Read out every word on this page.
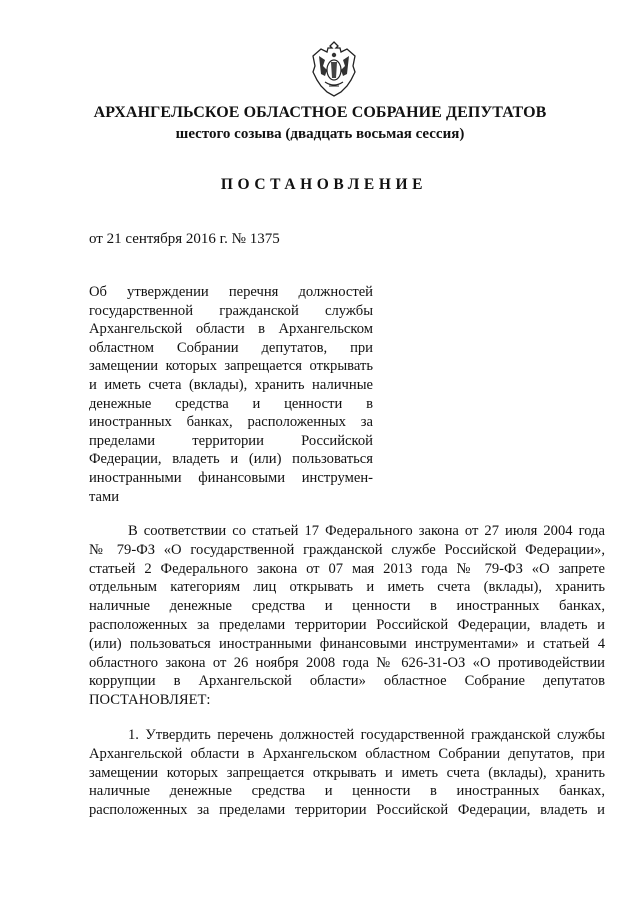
АРХАНГЕЛЬСКОЕ ОБЛАСТНОЕ СОБРАНИЕ ДЕПУТАТОВ
шестого созыва (двадцать восьмая сессия)
ПОСТАНОВЛЕНИЕ
от 21 сентября 2016 г. № 1375
Об утверждении перечня должностей
государственной гражданской службы
Архангельской области в Архангельском
областном Собрании депутатов, при
замещении которых запрещается открывать
и иметь счета (вклады), хранить наличные
денежные средства и ценности в
иностранных банках, расположенных за
пределами территории Российской
Федерации, владеть и (или) пользоваться
иностранными финансовыми инструмен-
тами
В соответствии со статьей 17 Федерального закона от 27 июля 2004 года
№ 79-ФЗ «О государственной гражданской службе Российской Федерации»,
статьей 2 Федерального закона от 07 мая 2013 года № 79-ФЗ «О запрете
отдельным категориям лиц открывать и иметь счета (вклады), хранить
наличные денежные средства и ценности в иностранных банках,
расположенных за пределами территории Российской Федерации, владеть и
(или) пользоваться иностранными финансовыми инструментами» и статьей 4
областного закона от 26 ноября 2008 года № 626-31-ОЗ «О противодействии
коррупции в Архангельской области» областное Собрание депутатов
ПОСТАНОВЛЯЕТ:
1. Утвердить перечень должностей государственной гражданской службы
Архангельской области в Архангельском областном Собрании депутатов, при
замещении которых запрещается открывать и иметь счета (вклады), хранить
наличные денежные средства и ценности в иностранных банках,
расположенных за пределами территории Российской Федерации, владеть и
